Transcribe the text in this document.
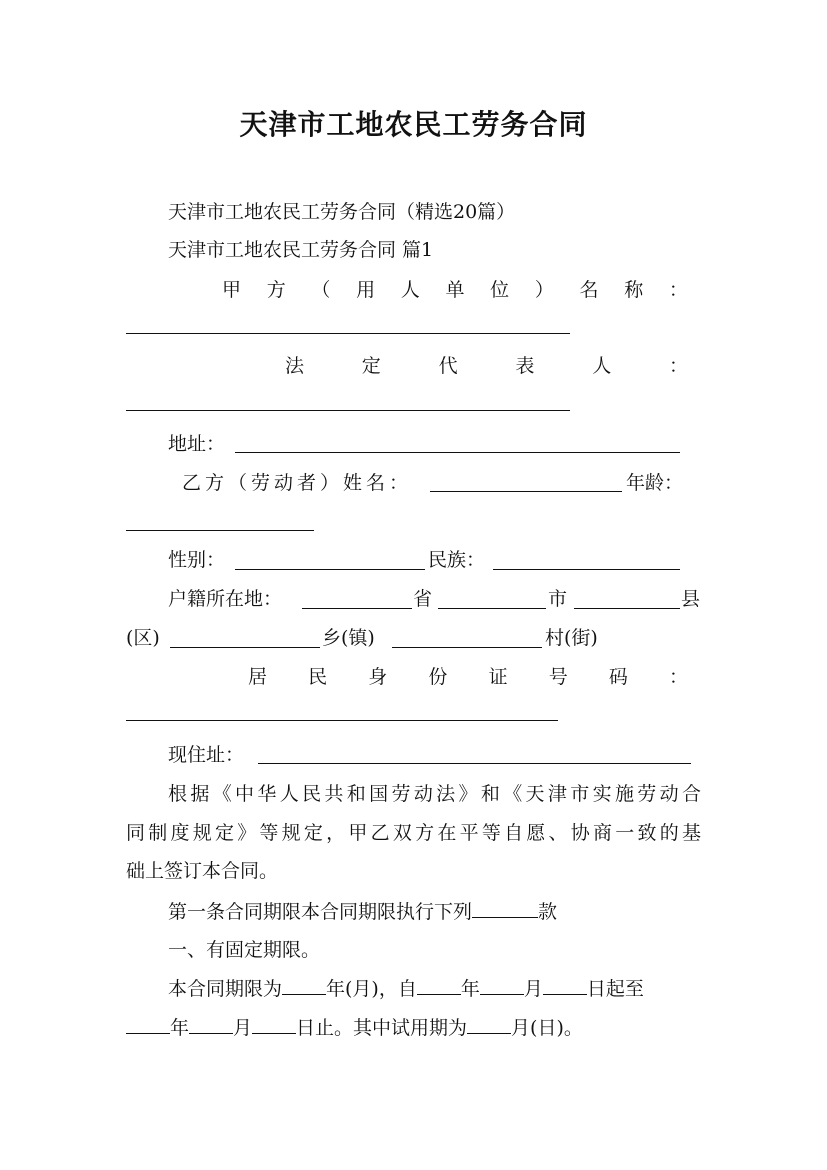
天津市工地农民工劳务合同
天津市工地农民工劳务合同（精选20篇）
天津市工地农民工劳务合同 篇1
甲 方 （ 用 人 单 位 ） 名 称 ：
法	定	代	表	人	：
地址：
乙方（劳动者）姓名：	年龄：
性别：	民族：
户籍所在地：	省	市	县
(区)	乡(镇)	村(街)
居 民 身 份 证 号 码 ：
现住址：
根据《中华人民共和国劳动法》和《天津市实施劳动合
同制度规定》等规定，甲乙双方在平等自愿、协商一致的基
础上签订本合同。
第一条合同期限本合同期限执行下列	款
一、有固定期限。
本合同期限为 年(月)，自 年 月 日起至
年 月 日止。其中试用期为 月(日)。
